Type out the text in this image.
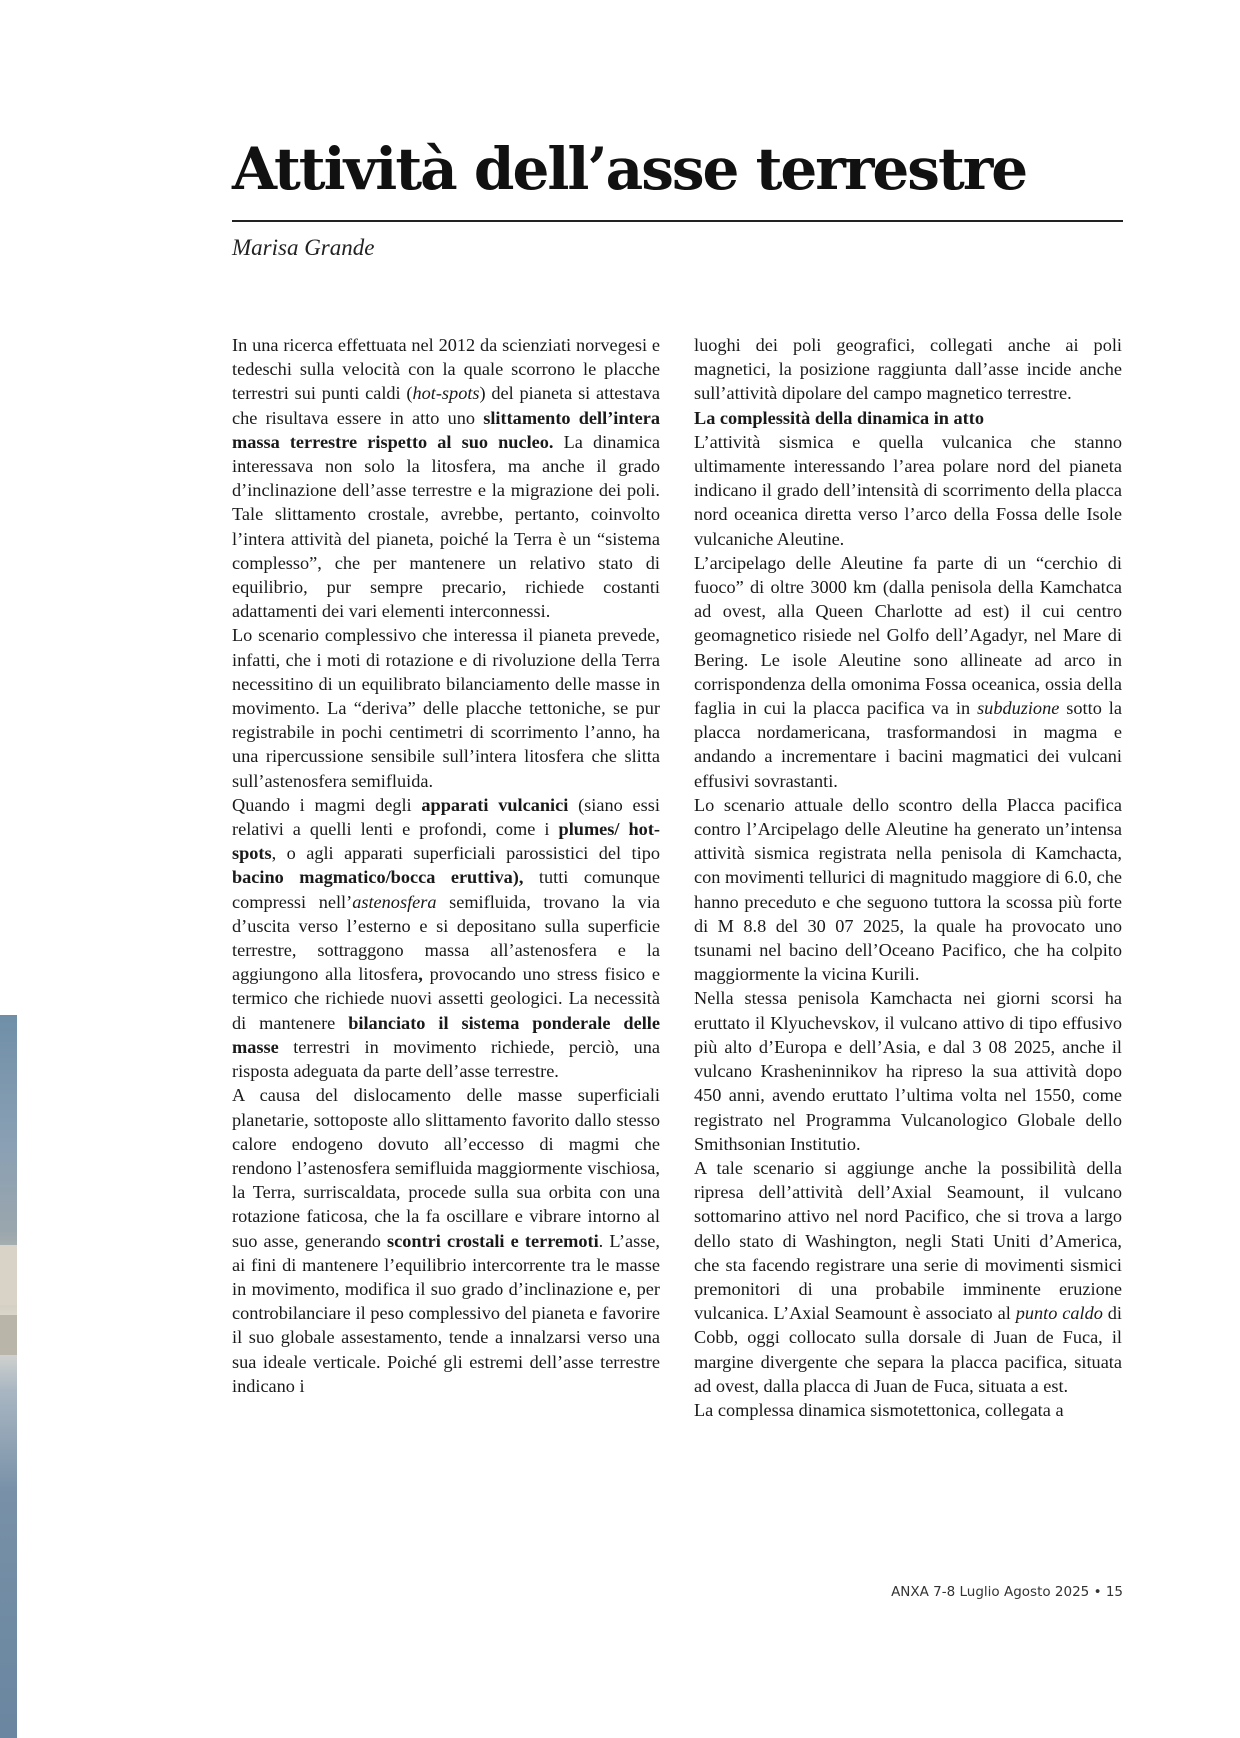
Attività dell’asse terrestre
Marisa Grande

In una ricerca effettuata nel 2012 da scienziati norvegesi e tedeschi sulla velocità con la quale scorrono le placche terrestri sui punti caldi (hot-spots) del pianeta si attestava che risultava essere in atto uno slittamento dell’intera massa terrestre rispetto al suo nucleo. La dinamica interessava non solo la litosfera, ma anche il grado d’inclinazione dell’asse terrestre e la migrazione dei poli. Tale slittamento crostale, avrebbe, pertanto, coinvolto l’intera attività del pianeta, poiché la Terra è un “sistema complesso”, che per mantenere un relativo stato di equilibrio, pur sempre precario, richiede costanti adattamenti dei vari elementi interconnessi.

Lo scenario complessivo che interessa il pianeta prevede, infatti, che i moti di rotazione e di rivoluzione della Terra necessitino di un equilibrato bilanciamento delle masse in movimento. La “deriva” delle placche tettoniche, se pur registrabile in pochi centimetri di scorrimento l’anno, ha una ripercussione sensibile sull’intera litosfera che slitta sull’astenosfera semifluida.

Quando i magmi degli apparati vulcanici (siano essi relativi a quelli lenti e profondi, come i plumes/ hot-spots, o agli apparati superficiali parossistici del tipo bacino magmatico/bocca eruttiva), tutti comunque compressi nell’astenosfera semifluida, trovano la via d’uscita verso l’esterno e si depositano sulla superficie terrestre, sottraggono massa all’astenosfera e la aggiungono alla litosfera, provocando uno stress fisico e termico che richiede nuovi assetti geologici. La necessità di mantenere bilanciato il sistema ponderale delle masse terrestri in movimento richiede, perciò, una risposta adeguata da parte dell’asse terrestre.

A causa del dislocamento delle masse superficiali planetarie, sottoposte allo slittamento favorito dallo stesso calore endogeno dovuto all’eccesso di magmi che rendono l’astenosfera semifluida maggiormente vischiosa, la Terra, surriscaldata, procede sulla sua orbita con una rotazione faticosa, che la fa oscillare e vibrare intorno al suo asse, generando scontri crostali e terremoti. L’asse, ai fini di mantenere l’equilibrio intercorrente tra le masse in movimento, modifica il suo grado d’inclinazione e, per controbilanciare il peso complessivo del pianeta e favorire il suo globale assestamento, tende a innalzarsi verso una sua ideale verticale. Poiché gli estremi dell’asse terrestre indicano i

luoghi dei poli geografici, collegati anche ai poli magnetici, la posizione raggiunta dall’asse incide anche sull’attività dipolare del campo magnetico terrestre.

La complessità della dinamica in atto

L’attività sismica e quella vulcanica che stanno ultimamente interessando l’area polare nord del pianeta indicano il grado dell’intensità di scorrimento della placca nord oceanica diretta verso l’arco della Fossa delle Isole vulcaniche Aleutine.

L’arcipelago delle Aleutine fa parte di un “cerchio di fuoco” di oltre 3000 km (dalla penisola della Kamchatca ad ovest, alla Queen Charlotte ad est) il cui centro geomagnetico risiede nel Golfo dell’Agadyr, nel Mare di Bering. Le isole Aleutine sono allineate ad arco in corrispondenza della omonima Fossa oceanica, ossia della faglia in cui la placca pacifica va in subduzione sotto la placca nordamericana, trasformandosi in magma e andando a incrementare i bacini magmatici dei vulcani effusivi sovrastanti.

Lo scenario attuale dello scontro della Placca pacifica contro l’Arcipelago delle Aleutine ha generato un’intensa attività sismica registrata nella penisola di Kamchacta, con movimenti tellurici di magnitudo maggiore di 6.0, che hanno preceduto e che seguono tuttora la scossa più forte di M 8.8 del 30 07 2025, la quale ha provocato uno tsunami nel bacino dell’Oceano Pacifico, che ha colpito maggiormente la vicina Kurili.

Nella stessa penisola Kamchacta nei giorni scorsi ha eruttato il Klyuchevskov, il vulcano attivo di tipo effusivo più alto d’Europa e dell’Asia, e dal 3 08 2025, anche il vulcano Krasheninnikov ha ripreso la sua attività dopo 450 anni, avendo eruttato l’ultima volta nel 1550, come registrato nel Programma Vulcanologico Globale dello Smithsonian Institutio.

A tale scenario si aggiunge anche la possibilità della ripresa dell’attività dell’Axial Seamount, il vulcano sottomarino attivo nel nord Pacifico, che si trova a largo dello stato di Washington, negli Stati Uniti d’America, che sta facendo registrare una serie di movimenti sismici premonitori di una probabile imminente eruzione vulcanica. L’Axial Seamount è associato al punto caldo di Cobb, oggi collocato sulla dorsale di Juan de Fuca, il margine divergente che separa la placca pacifica, situata ad ovest, dalla placca di Juan de Fuca, situata a est.

La complessa dinamica sismotettonica, collegata a

ANXA 7-8 Luglio Agosto 2025 • 15
